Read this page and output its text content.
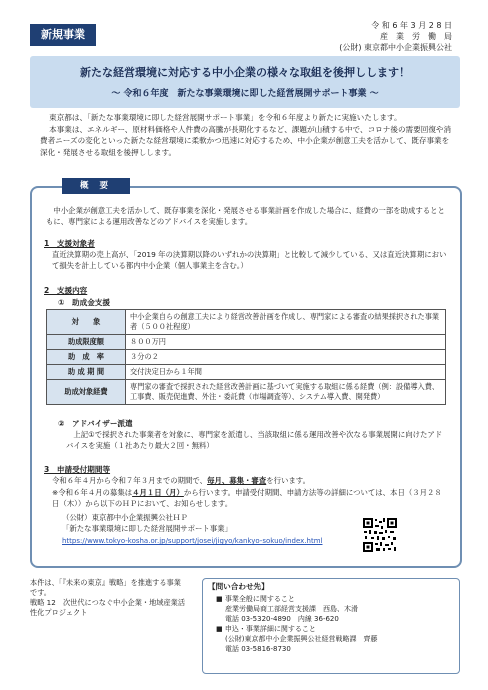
新規事業
令 和 6 年 3 月 2 8 日
産　業　労　働　局
(公財) 東京都中小企業振興公社
新たな経営環境に対応する中小企業の様々な取組を後押しします！
～ 令和６年度　新たな事業環境に即した経営展開サポート事業 ～

東京都は、「新たな事業環境に即した経営展開サポート事業」を令和６年度より新たに実施いたします。

本事業は、エネルギー、原材料価格や人件費の高騰が長期化するなど、課題が山積する中で、コロナ後の需要回復や消費者ニーズの変化といった新たな経営環境に柔軟かつ迅速に対応するため、中小企業が創意工夫を活かして、既存事業を深化・発展させる取組を後押しします。

概 要
中小企業が創意工夫を活かして、既存事業を深化・発展させる事業計画を作成した場合に、経費の一部を助成するとともに、専門家による運用改善などのアドバイスを実施します。
1　支援対象者
直近決算期の売上高が、「2019 年の決算期以降のいずれかの決算期」と比較して減少している、又は直近決算期において損失を計上している都内中小企業（個人事業主を含む。）
2　支援内容
①　助成金支援
対　　象	中小企業自らの創意工夫により経営改善計画を作成し、専門家による審査の結果採択された事業者（５００社程度）
助成限度額	８００万円
助　成　率	３分の２
助 成 期 間	交付決定日から１年間
助成対象経費	専門家の審査で採択された経営改善計画に基づいて実施する取組に係る経費（例：設備導入費、工事費、販売促進費、外注・委託費（市場調査等）、システム導入費、開発費）
②　アドバイザー派遣
上記①で採択された事業者を対象に、専門家を派遣し、当該取組に係る運用改善や次なる事業展開に向けたアドバイスを実施（１社あたり最大２回・無料）
3　申請受付期間等
令和６年４月から令和７年３月までの期間で、毎月、募集・審査を行います。
※令和６年４月の募集は４月１日（月）から行います。申請受付期間、申請方法等の詳細については、本日（３月２８日（木））から以下のＨＰにおいて、お知らせします。
（公財）東京都中小企業振興公社ＨＰ
「新たな事業環境に即した経営展開サポート事業」
https://www.tokyo-kosha.or.jp/support/josei/jigyo/kankyo-sokuo/index.html
本件は、「『未来の東京』戦略」を推進する事業です。
戦略 12　次世代につなぐ中小企業・地域産業活性化プロジェクト
【問い合わせ先】
■ 事業全般に関すること
産業労働局商工部経営支援課　西島、木滑
電話 03-5320-4890　内線 36-620
■ 申込・事業詳細に関すること
(公財)東京都中小企業振興公社経営戦略課　齊藤
電話 03-5816-8730
